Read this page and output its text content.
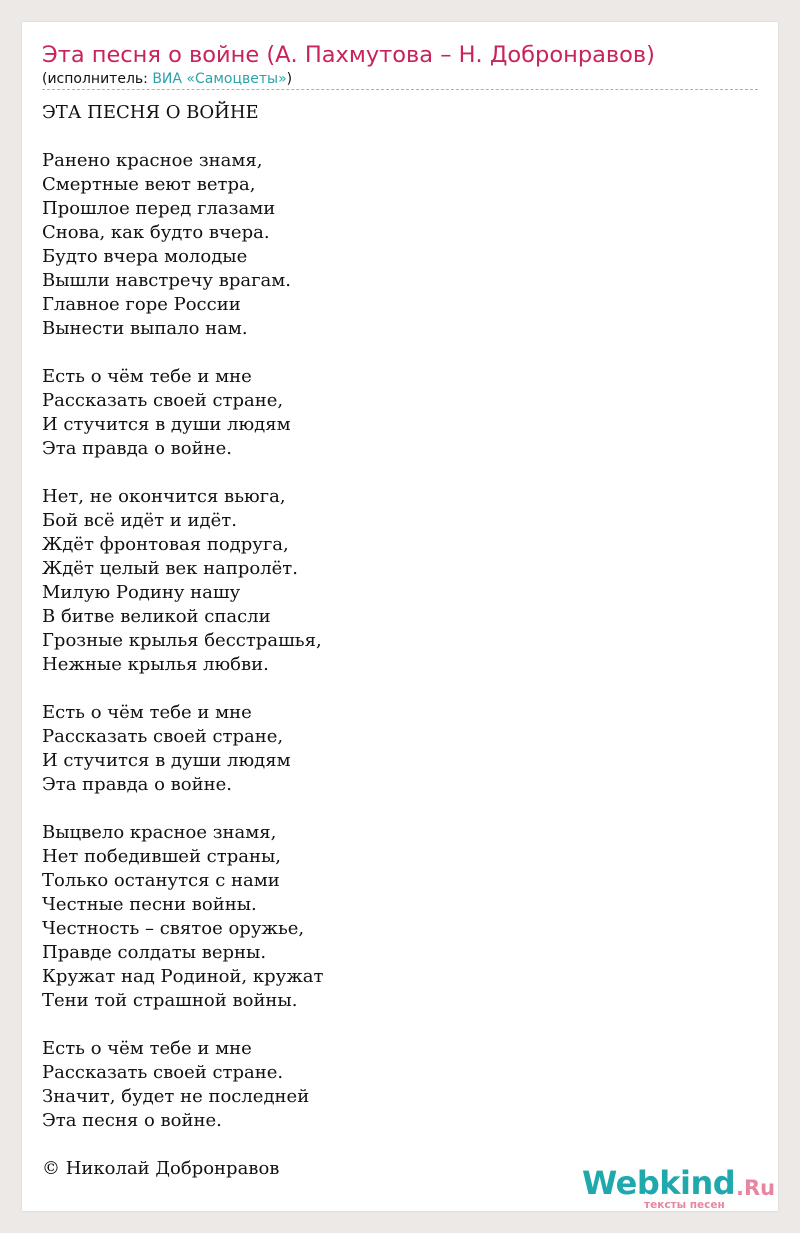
Эта песня о войне (А. Пахмутова – Н. Добронравов)
(исполнитель: ВИА «Самоцветы»)
ЭТА ПЕСНЯ О ВОЙНЕ
Ранено красное знамя,
Смертные веют ветра,
Прошлое перед глазами
Снова, как будто вчера.
Будто вчера молодые
Вышли навстречу врагам.
Главное горе России
Вынести выпало нам.
Есть о чём тебе и мне
Рассказать своей стране,
И стучится в души людям
Эта правда о войне.
Нет, не окончится вьюга,
Бой всё идёт и идёт.
Ждёт фронтовая подруга,
Ждёт целый век напролёт.
Милую Родину нашу
В битве великой спасли
Грозные крылья бесстрашья,
Нежные крылья любви.
Есть о чём тебе и мне
Рассказать своей стране,
И стучится в души людям
Эта правда о войне.
Выцвело красное знамя,
Нет победившей страны,
Только останутся с нами
Честные песни войны.
Честность – святое оружье,
Правде солдаты верны.
Кружат над Родиной, кружат
Тени той страшной войны.
Есть о чём тебе и мне
Рассказать своей стране.
Значит, будет не последней
Эта песня о войне.
© Николай Добронравов	Webkind .Ru
тексты песен
